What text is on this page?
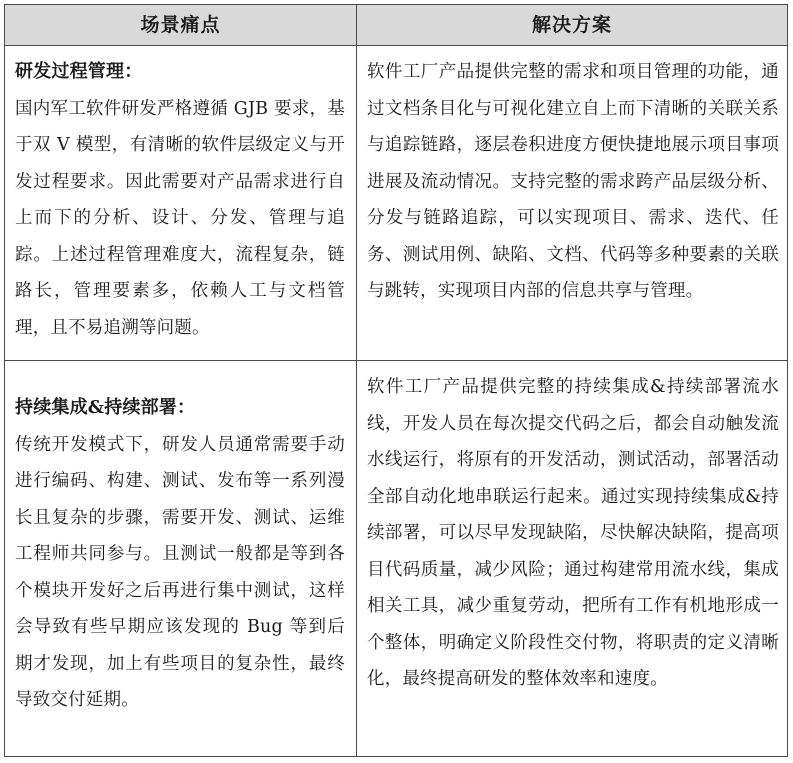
场景痛点	解决方案
研发过程管理：
国内军工软件研发严格遵循 GJB 要求，基于双 V 模型，有清晰的软件层级定义与开发过程要求。因此需要对产品需求进行自上而下的分析、设计、分发、管理与追踪。上述过程管理难度大，流程复杂，链路长，管理要素多，依赖人工与文档管理，且不易追溯等问题。
软件工厂产品提供完整的需求和项目管理的功能，通过文档条目化与可视化建立自上而下清晰的关联关系与追踪链路，逐层卷积进度方便快捷地展示项目事项进展及流动情况。支持完整的需求跨产品层级分析、分发与链路追踪，可以实现项目、需求、迭代、任务、测试用例、缺陷、文档、代码等多种要素的关联与跳转，实现项目内部的信息共享与管理。
持续集成&持续部署：
传统开发模式下，研发人员通常需要手动进行编码、构建、测试、发布等一系列漫长且复杂的步骤，需要开发、测试、运维工程师共同参与。且测试一般都是等到各个模块开发好之后再进行集中测试，这样会导致有些早期应该发现的 Bug 等到后期才发现，加上有些项目的复杂性，最终导致交付延期。
软件工厂产品提供完整的持续集成&持续部署流水线，开发人员在每次提交代码之后，都会自动触发流水线运行，将原有的开发活动，测试活动，部署活动全部自动化地串联运行起来。通过实现持续集成&持续部署，可以尽早发现缺陷，尽快解决缺陷，提高项目代码质量，减少风险；通过构建常用流水线，集成相关工具，减少重复劳动，把所有工作有机地形成一个整体，明确定义阶段性交付物，将职责的定义清晰化，最终提高研发的整体效率和速度。
